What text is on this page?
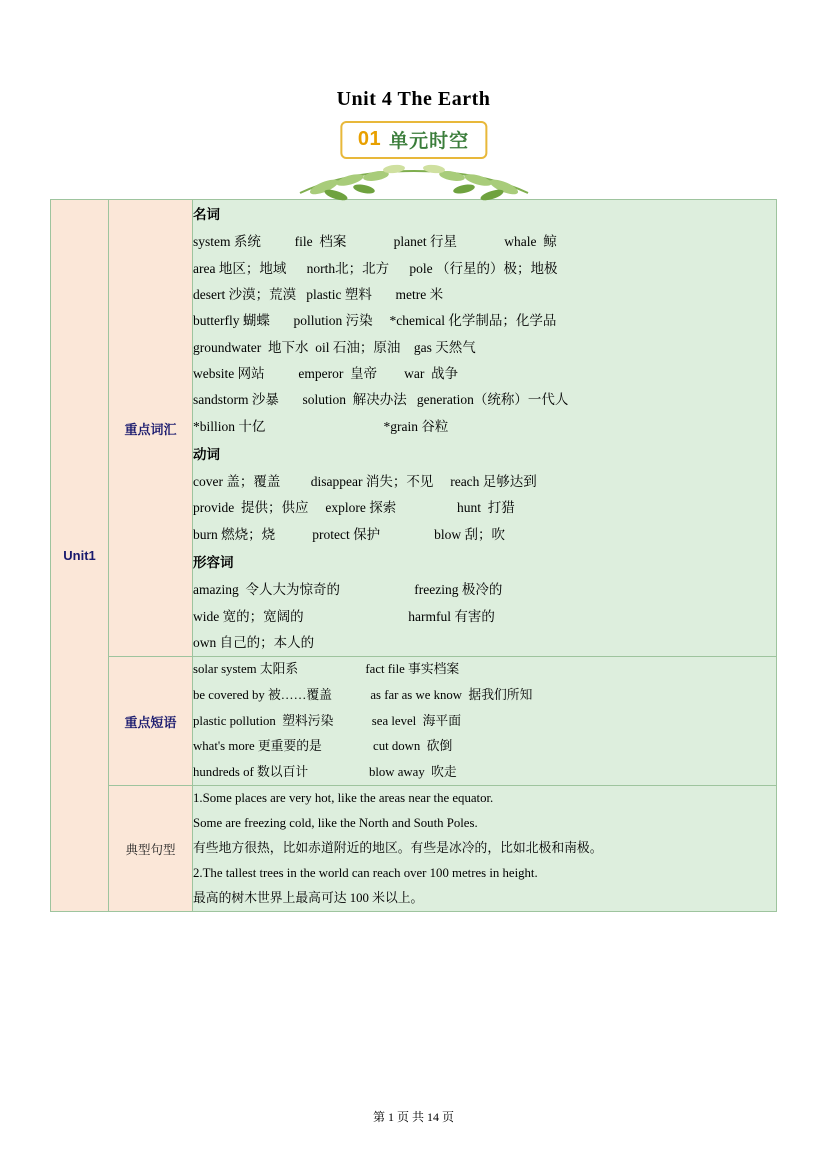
Unit 4 The Earth
01 单元时空
Unit1	重点词汇	
名词
system 系统          file  档案              planet 行星              whale  鲸
area 地区；地域      north北；北方      pole （行星的）极；地极
desert 沙漠；荒漠   plastic 塑料       metre 米
butterfly 蝴蝶       pollution 污染     *chemical 化学制品；化学品
groundwater  地下水  oil 石油；原油    gas 天然气
website 网站          emperor  皇帝        war  战争
sandstorm 沙暴       solution  解决办法   generation（统称）一代人
*billion 十亿                                   *grain 谷粒
动词
cover 盖；覆盖         disappear 消失；不见     reach 足够达到
provide  提供；供应     explore 探索                  hunt  打猎
burn 燃烧；烧           protect 保护                blow 刮；吹
形容词
amazing  令人大为惊奇的                      freezing 极冷的
wide 宽的；宽阔的                               harmful 有害的
own 自己的；本人的

	重点短语	solar system 太阳系                     fact file 事实档案
be covered by 被……覆盖            as far as we know  据我们所知
plastic pollution  塑料污染            sea level  海平面
what's more 更重要的是                cut down  砍倒
hundreds of 数以百计                   blow away  吹走

	典型句型	1.Some places are very hot, like the areas near the equator.
Some are freezing cold, like the North and South Poles.
有些地方很热，比如赤道附近的地区。有些是冰冷的，比如北极和南极。
2.The tallest trees in the world can reach over 100 metres in height.
最高的树木世界上最高可达 100 米以上。
第 1 页 共 14 页
